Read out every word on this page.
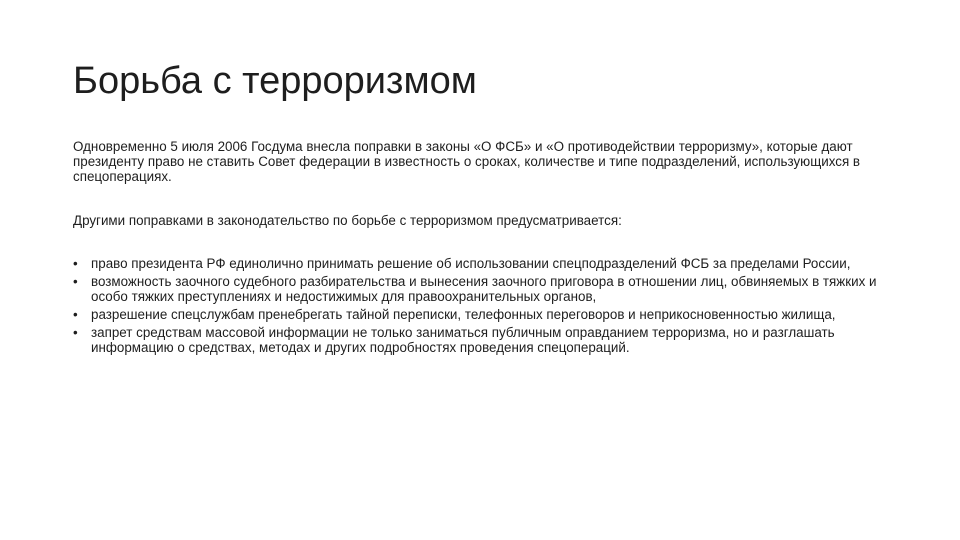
Борьба с терроризмом

Одновременно 5 июля 2006 Госдума внесла поправки в законы «О ФСБ» и «О противодействии терроризму», которые дают президенту право не ставить Совет федерации в известность о сроках, количестве и типе подразделений, использующихся в спецоперациях.

Другими поправками в законодательство по борьбе с терроризмом предусматривается:

• право президента РФ единолично принимать решение об использовании спецподразделений ФСБ за пределами России,
• возможность заочного судебного разбирательства и вынесения заочного приговора в отношении лиц, обвиняемых в тяжких и особо тяжких преступлениях и недостижимых для правоохранительных органов,
• разрешение спецслужбам пренебрегать тайной переписки, телефонных переговоров и неприкосновенностью жилища,
• запрет средствам массовой информации не только заниматься публичным оправданием терроризма, но и разглашать информацию о средствах, методах и других подробностях проведения спецопераций.
